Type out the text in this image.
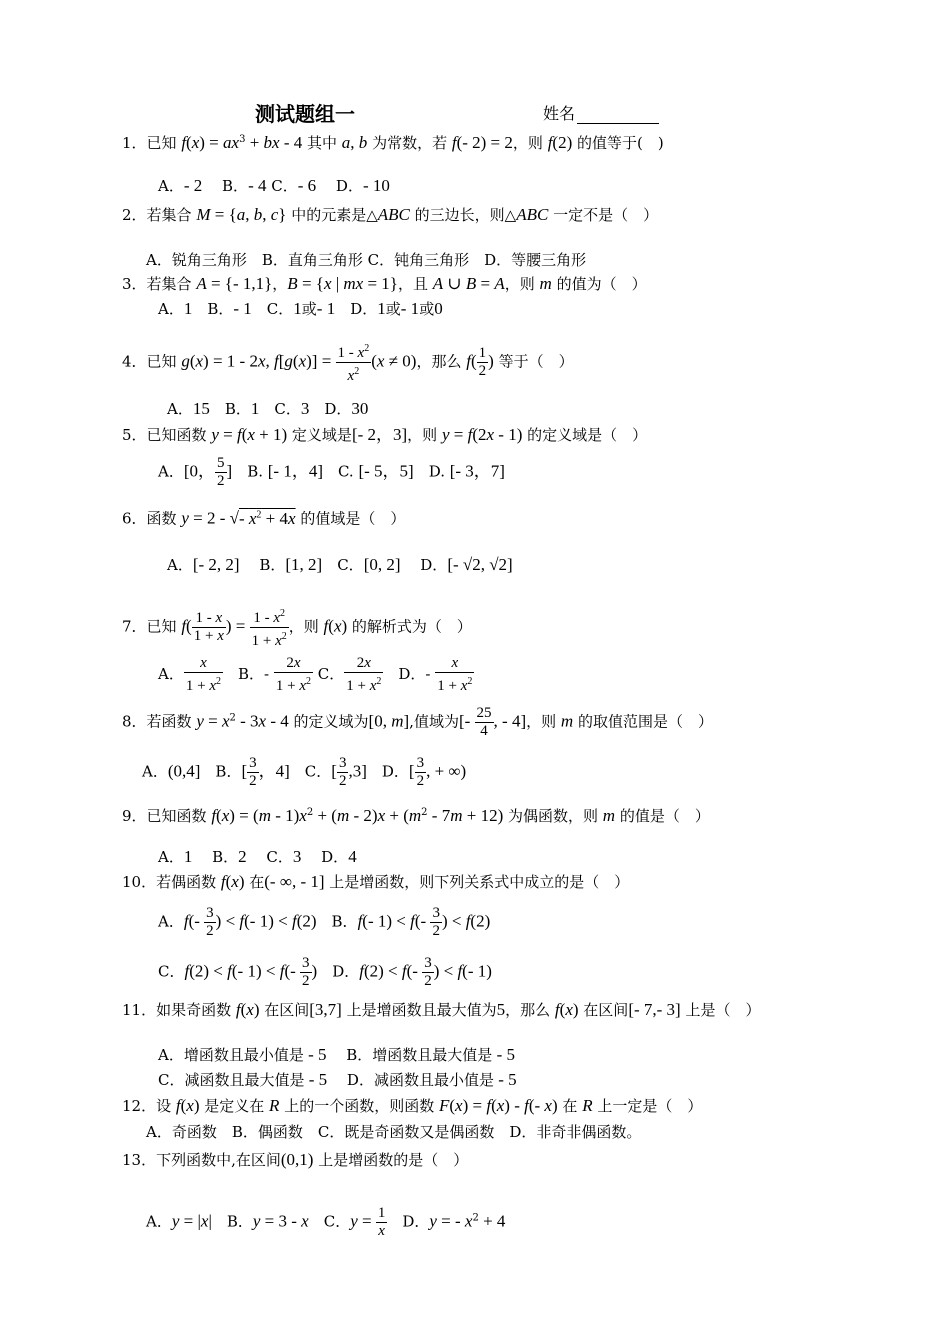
测试题组一	姓名
1．已知 $f(x) = ax^3$ + bx - 4 其中 a, b 为常数，若 f(- 2) = 2，则 f(2) 的值等于(　)
A．- 2　 B．- 4 C．- 6　 D．- 10
2．若集合 M = {a, b, c} 中的元素是△ABC 的三边长，则△ABC 一定不是（　）
A．锐角三角形　B．直角三角形 C．钝角三角形　D．等腰三角形
3．若集合 A = {- 1,1}，B = {x | mx = 1}，且 A ∪ B = A，则 m 的值为（　）
A．1　B．- 1　C．1或- 1　D．1或- 1或0
4．已知 g(x) = 1 - 2x, $f[g(x)] = \frac{1 - x^2}{x^2} (x \ne 0)$，那么 $f( \frac{1}{2}$ ) 等于（　）
A．15　B．1　C．3　D．30
5．已知函数 y = f(x + 1) 定义域是[- 2，3]，则 y = f(2x - 1) 的定义域是（　）
A．[0， $\frac{5}{2}$ ]　B. [- 1，4]　C. [- 5，5]　D. [- 3，7]
6．函数 y = 2 - √- $x^2 + 4x$ 的值域是（　）
A．[- 2, 2]　 B．[1, 2]　C．[0, 2]　 D．[- √2, √2]
7．已知 $f( \frac{1 - x}{1 + x}$ ) = $\frac{1 - x^2}{1 + x^2}$ ，则 f(x) 的解析式为（　）
A． $\frac{x}{1 + x^2}$ 　B．- $\frac{2x}{1 + x^2}$ C． $\frac{2x}{1 + x^2}$ 　D．- $\frac{x}{1 + x^2}$
8．若函数 $y = x^2 - 3x - 4$ 的定义域为[0, m],值域为[- $\frac{25}{4}$ , - 4]，则 m 的取值范围是（　）
A．(0,4]　B．[ $\frac{3}{2}$ ，4]　C．[ $\frac{3}{2} ,3$]　D．[ $\frac{3}{2}$ , + ∞)
9．已知函数 $f(x) = (m - 1)x^2 + (m - 2)x + (m^2 - 7m + 12)$ 为偶函数，则 m 的值是（　）
A．1　 B．2　 C．3　 D．4
10．若偶函数 f(x) 在(- ∞, - 1] 上是增函数，则下列关系式中成立的是（　）
A．$f(- \frac{3}{2}$ ) < f(- 1) < f(2)　B．f(- $1) < f(- \frac{3}{2}$ ) < f(2)
C．f(2) < f(- $1) < f(- \frac{3}{2}$ )　D．$f(2) < f(- \frac{3}{2}$ ) < f(- 1)
11．如果奇函数 f(x) 在区间[3,7] 上是增函数且最大值为5，那么 f(x) 在区间[- 7,- 3] 上是（　）
A．增函数且最小值是 - 5　 B．增函数且最大值是 - 5
C．减函数且最大值是 - 5　 D．减函数且最小值是 - 5
12．设 f(x) 是定义在 R 上的一个函数，则函数 F(x) = f(x) - f(- x) 在 R 上一定是（　）
A．奇函数　B．偶函数　C．既是奇函数又是偶函数　D．非奇非偶函数。
13．下列函数中,在区间(0,1) 上是增函数的是（　）
A．y = |x|　B．y = 3 - x　C．$y = \frac{1}{x}$ 　D．y = - $x^2 + 4$
